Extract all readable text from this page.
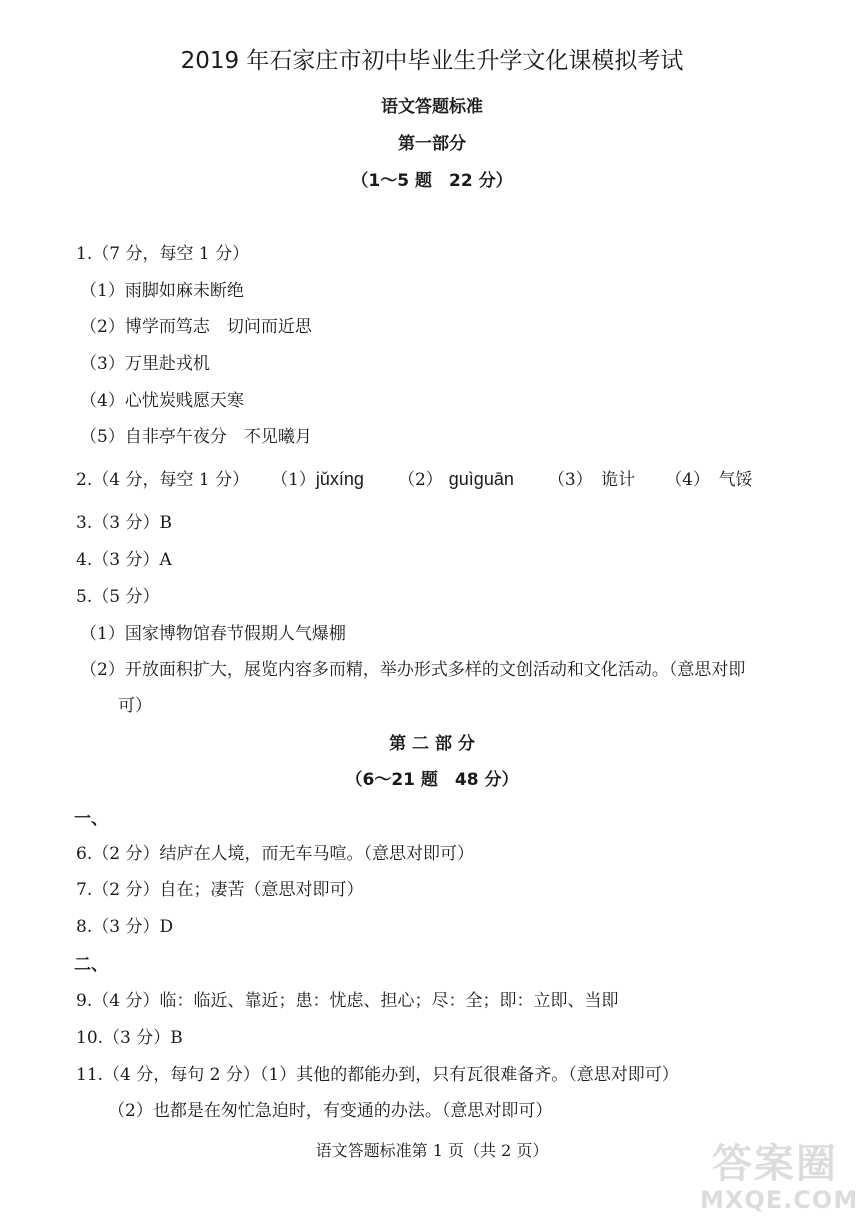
2019 年石家庄市初中毕业生升学文化课模拟考试
语文答题标准
第一部分
（1～5 题　22 分）
1.（7 分，每空 1 分）
（1）雨脚如麻未断绝
（2）博学而笃志　切问而近思
（3）万里赴戎机
（4）心忧炭贱愿天寒
（5）自非亭午夜分　不见曦月
2.（4 分，每空 1 分） （1）jǔxíng （2） guìguān （3）　诡计 （4）　气馁
3.（3 分）B
4.（3 分）A
5.（5 分）
（1）国家博物馆春节假期人气爆棚
（2）开放面积扩大，展览内容多而精，举办形式多样的文创活动和文化活动。（意思对即
可）
第 二 部 分
（6～21 题　48 分）
一、
6.（2 分）结庐在人境，而无车马喧。（意思对即可）
7.（2 分）自在；凄苦（意思对即可）
8.（3 分）D
二、
9.（4 分）临：临近、靠近；患：忧虑、担心；尽：全；即：立即、当即
10.（3 分）B
11.（4 分，每句 2 分）（1）其他的都能办到，只有瓦很难备齐。（意思对即可）
（2）也都是在匆忙急迫时，有变通的办法。（意思对即可）
语文答题标准第 1 页（共 2 页）	答案圈
MXQE.COM
